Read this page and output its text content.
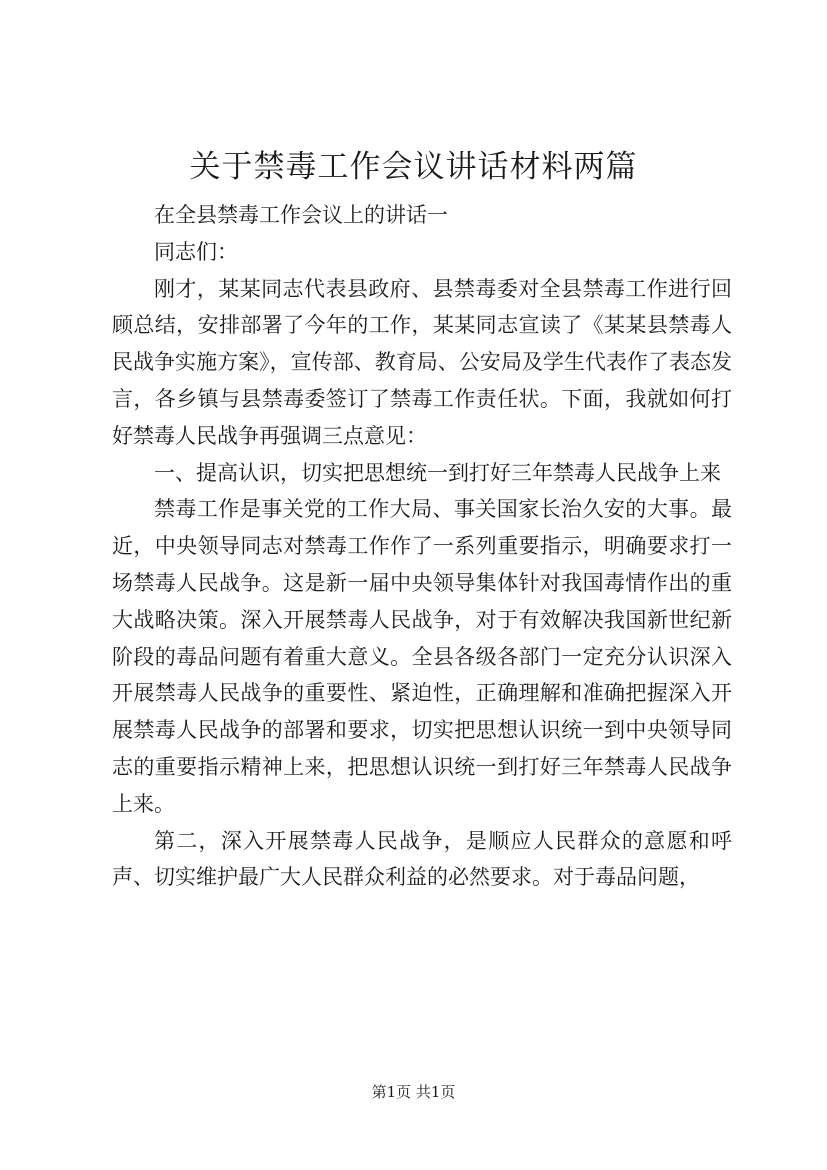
关于禁毒工作会议讲话材料两篇

在全县禁毒工作会议上的讲话一

同志们：

刚才，某某同志代表县政府、县禁毒委对全县禁毒工作进行回顾总结，安排部署了今年的工作，某某同志宣读了《某某县禁毒人民战争实施方案》，宣传部、教育局、公安局及学生代表作了表态发言，各乡镇与县禁毒委签订了禁毒工作责任状。下面，我就如何打好禁毒人民战争再强调三点意见：

一、提高认识，切实把思想统一到打好三年禁毒人民战争上来

禁毒工作是事关党的工作大局、事关国家长治久安的大事。最近，中央领导同志对禁毒工作作了一系列重要指示，明确要求打一场禁毒人民战争。这是新一届中央领导集体针对我国毒情作出的重大战略决策。深入开展禁毒人民战争，对于有效解决我国新世纪新阶段的毒品问题有着重大意义。全县各级各部门一定充分认识深入开展禁毒人民战争的重要性、紧迫性，正确理解和准确把握深入开展禁毒人民战争的部署和要求，切实把思想认识统一到中央领导同志的重要指示精神上来，把思想认识统一到打好三年禁毒人民战争上来。

第二，深入开展禁毒人民战争，是顺应人民群众的意愿和呼声、切实维护最广大人民群众利益的必然要求。对于毒品问题，

第1页 共1页
